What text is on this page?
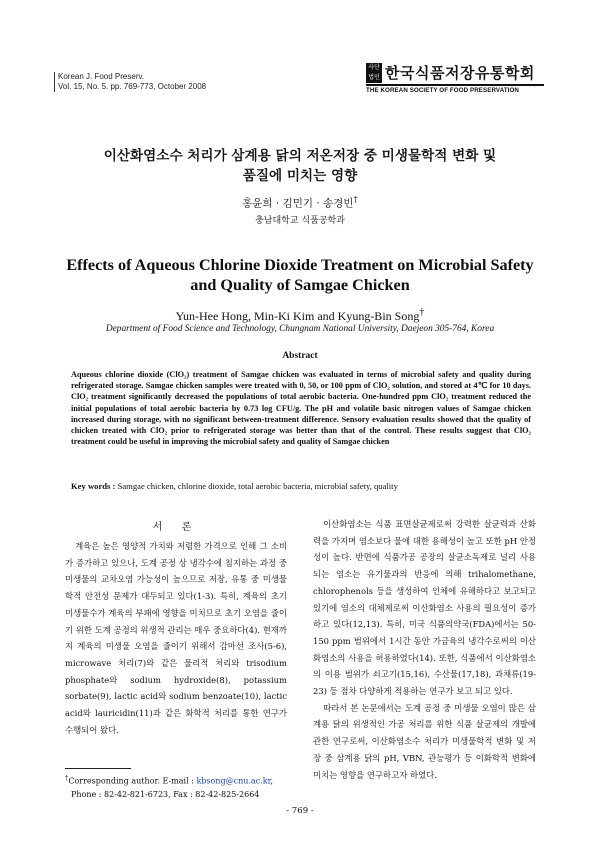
Korean J. Food Preserv.
Vol. 15, No. 5. pp. 769-773, October 2008
사단법인 한국식품저장유통학회
THE KOREAN SOCIETY OF FOOD PRESERVATION
이산화염소수 처리가 삼계용 닭의 저온저장 중 미생물학적 변화 및
품질에 미치는 영향
홍윤희 · 김민기 · 송경빈†
충남대학교 식품공학과
Effects of Aqueous Chlorine Dioxide Treatment on Microbial Safety
and Quality of Samgae Chicken
Yun-Hee Hong, Min-Ki Kim and Kyung-Bin Song†
Department of Food Science and Technology, Chungnam National University, Daejeon 305-764, Korea
Abstract
Aqueous chlorine dioxide (ClO₂) treatment of Samgae chicken was evaluated in terms of microbial safety and quality during refrigerated storage. Samgae chicken samples were treated with 0, 50, or 100 ppm of ClO₂ solution, and stored at 4℃ for 10 days. ClO₂ treatment significantly decreased the populations of total aerobic bacteria. One-hundred ppm ClO₂ treatment reduced the initial populations of total aerobic bacteria by 0.73 log CFU/g. The pH and volatile basic nitrogen values of Samgae chicken increased during storage, with no significant between-treatment difference. Sensory evaluation results showed that the quality of chicken treated with ClO₂ prior to refrigerated storage was better than that of the control. These results suggest that ClO₂ treatment could be useful in improving the microbial safety and quality of Samgae chicken
Key words : Samgae chicken, chlorine dioxide, total aerobic bacteria, microbial safety, quality
서 론

계육은 높은 영양적 가치와 저렴한 가격으로 인해 그 소비가 증가하고 있으나, 도계 공정 상 냉각수에 침지하는 과정 중 미생물의 교차오염 가능성이 높으므로 저장, 유통 중 미생물학적 안전성 문제가 대두되고 있다(1-3). 특히, 계육의 초기 미생물수가 계육의 부패에 영향을 미치므로 초기 오염을 줄이기 위한 도계 공정의 위생적 관리는 매우 중요하다(4). 현재까지 계육의 미생물 오염을 줄이기 위해서 감마선 조사(5-6), microwave 처리(7)와 같은 물리적 처리와 trisodium phosphate와 sodium hydroxide(8), potassium sorbate(9), lactic acid와 sodium benzoate(10), lactic acid와 lauricidin(11)과 같은 화학적 처리를 통한 연구가 수행되어 왔다.

이산화염소는 식품 표면살균제로써 강력한 살균력과 산화력을 가지며 염소보다 물에 대한 용해성이 높고 또한 pH 안정성이 높다. 반면에 식품가공 공장의 살균소독제로 널리 사용되는 염소는 유기물과의 반응에 의해 trihalomethane, chlorophenols 등을 생성하여 인체에 유해하다고 보고되고 있기에 염소의 대체제로써 이산화염소 사용의 필요성이 증가하고 있다(12,13). 특히, 미국 식품의약국(FDA)에서는 50-150 ppm 범위에서 1시간 동안 가금육의 냉각수로써의 이산화염소의 사용을 허용하였다(14). 또한, 식품에서 이산화염소의 이용 범위가 쇠고기(15,16), 수산물(17,18), 과채류(19-23) 등 점차 다양하게 적용하는 연구가 보고 되고 있다.

따라서 본 논문에서는 도계 공정 중 미생물 오염이 많은 삼계용 닭의 위생적인 가공 처리를 위한 식품 살균제의 개발에 관한 연구로써, 이산화염소수 처리가 미생물학적 변화 및 저장 중 삼계용 닭의 pH, VBN, 관능평가 등 이화학적 변화에 미치는 영향을 연구하고자 하였다.

†Corresponding author. E-mail : kbsong@cnu.ac.kr,
Phone : 82-42-821-6723, Fax : 82-42-825-2664
- 769 -
